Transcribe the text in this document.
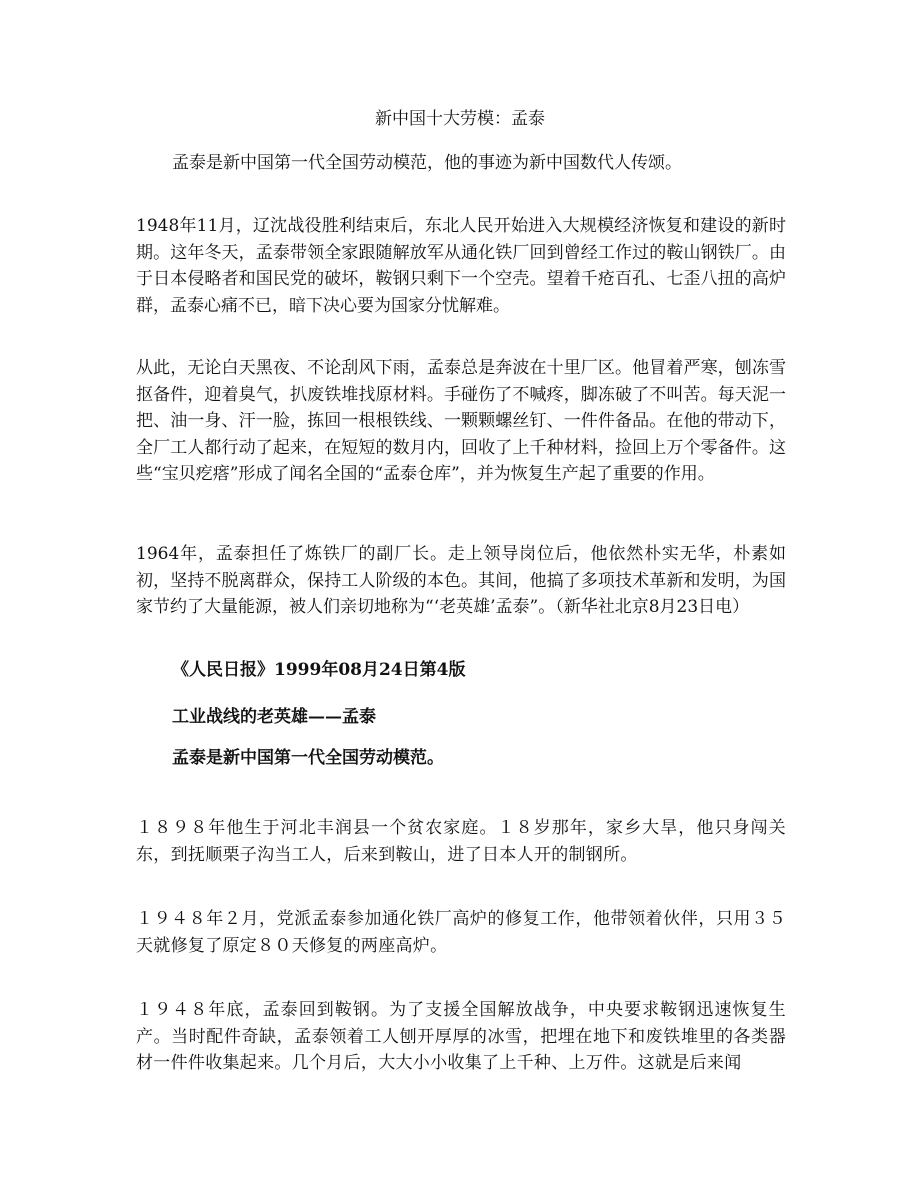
新中国十大劳模：孟泰

孟泰是新中国第一代全国劳动模范，他的事迹为新中国数代人传颂。

1948年11月，辽沈战役胜利结束后，东北人民开始进入大规模经济恢复和建设的新时期。这年冬天，孟泰带领全家跟随解放军从通化铁厂回到曾经工作过的鞍山钢铁厂。由于日本侵略者和国民党的破坏，鞍钢只剩下一个空壳。望着千疮百孔、七歪八扭的高炉群，孟泰心痛不已，暗下决心要为国家分忧解难。

从此，无论白天黑夜、不论刮风下雨，孟泰总是奔波在十里厂区。他冒着严寒，刨冻雪抠备件，迎着臭气，扒废铁堆找原材料。手碰伤了不喊疼，脚冻破了不叫苦。每天泥一把、油一身、汗一脸，拣回一根根铁线、一颗颗螺丝钉、一件件备品。在他的带动下，全厂工人都行动了起来，在短短的数月内，回收了上千种材料，捡回上万个零备件。这些“宝贝疙瘩”形成了闻名全国的“孟泰仓库”，并为恢复生产起了重要的作用。

1964年，孟泰担任了炼铁厂的副厂长。走上领导岗位后，他依然朴实无华，朴素如初，坚持不脱离群众，保持工人阶级的本色。其间，他搞了多项技术革新和发明，为国家节约了大量能源，被人们亲切地称为“‘老英雄’孟泰”。（新华社北京8月23日电）

《人民日报》1999年08月24日第4版

工业战线的老英雄——孟泰

孟泰是新中国第一代全国劳动模范。

１８９８年他生于河北丰润县一个贫农家庭。１８岁那年，家乡大旱，他只身闯关东，到抚顺栗子沟当工人，后来到鞍山，进了日本人开的制钢所。

１９４８年２月，党派孟泰参加通化铁厂高炉的修复工作，他带领着伙伴，只用３５天就修复了原定８０天修复的两座高炉。

１９４８年底，孟泰回到鞍钢。为了支援全国解放战争，中央要求鞍钢迅速恢复生产。当时配件奇缺，孟泰领着工人刨开厚厚的冰雪，把埋在地下和废铁堆里的各类器材一件件收集起来。几个月后，大大小小收集了上千种、上万件。这就是后来闻
